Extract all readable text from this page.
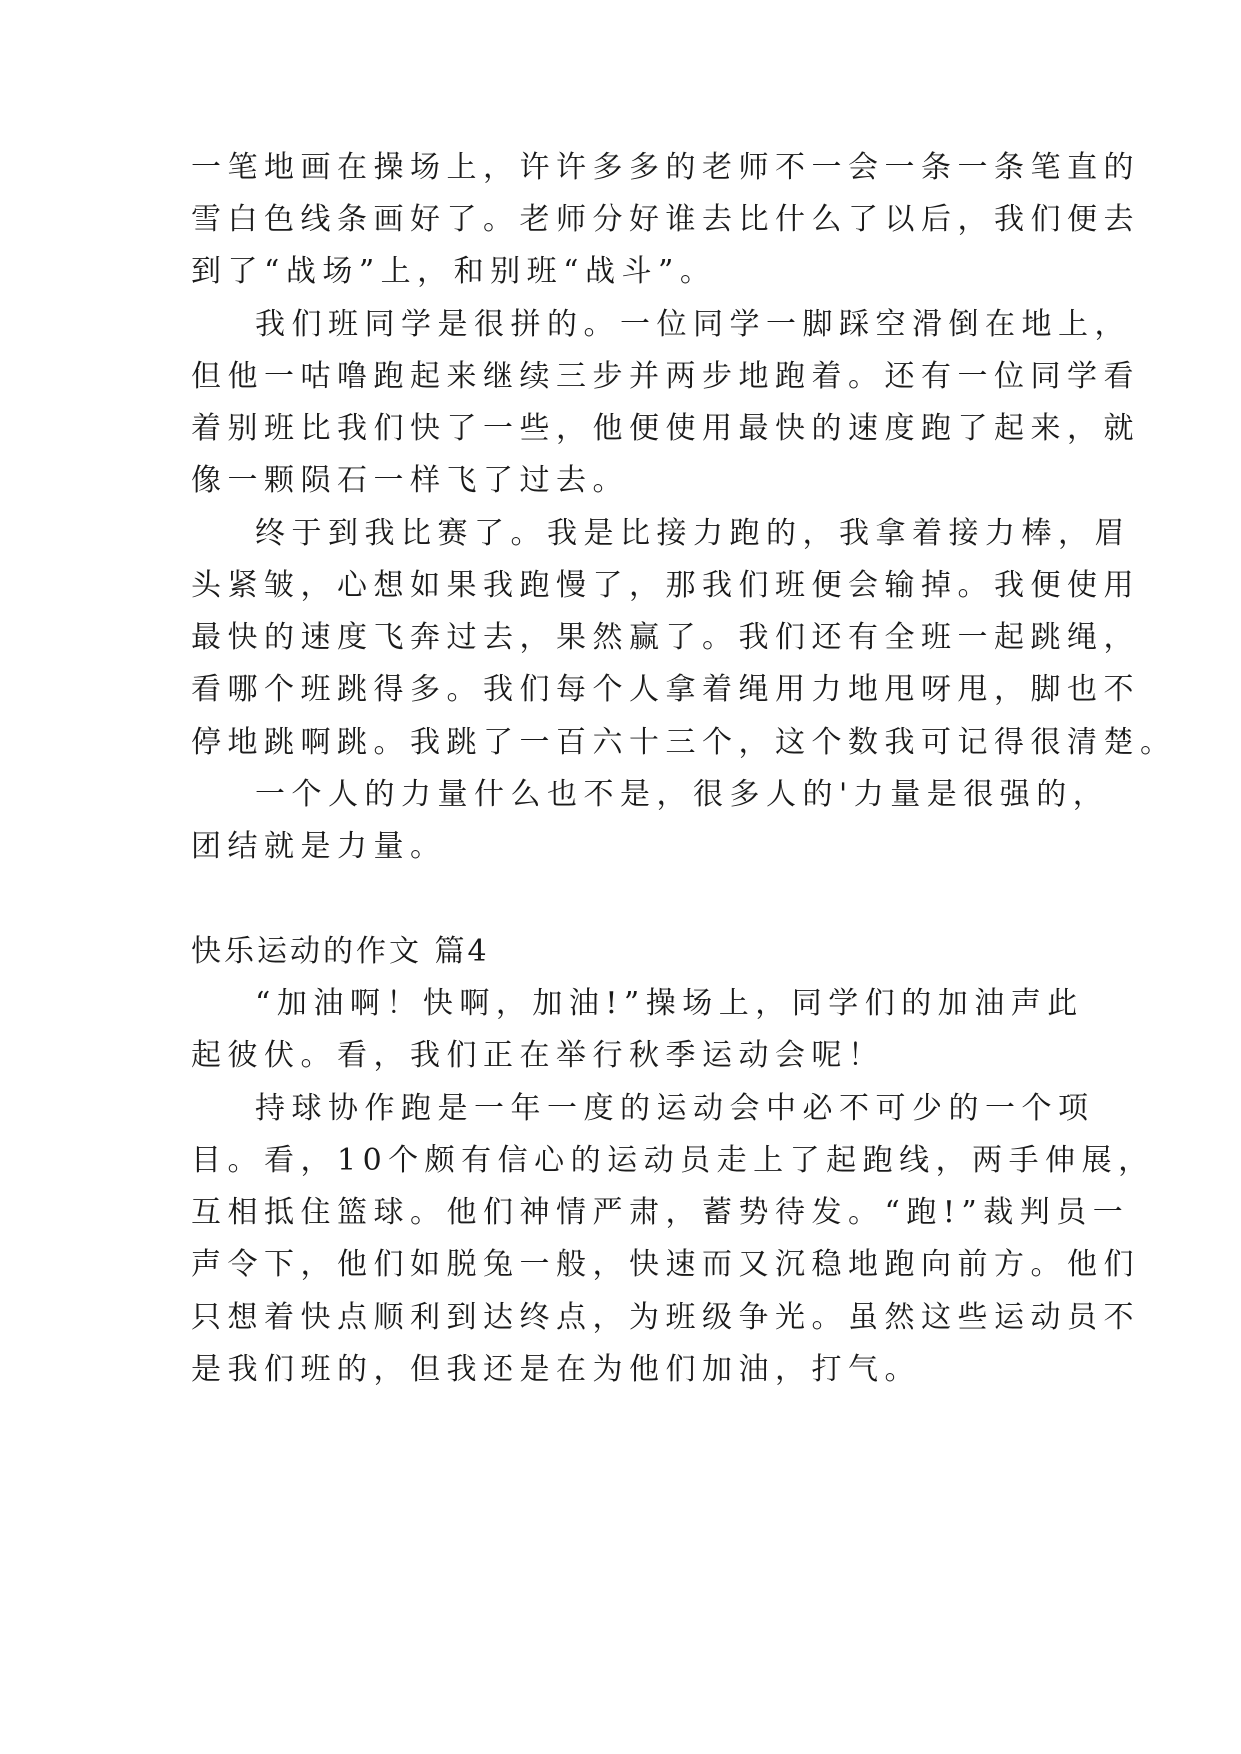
一笔地画在操场上，许许多多的老师不一会一条一条笔直的
雪白色线条画好了。老师分好谁去比什么了以后，我们便去
到了“战场”上，和别班“战斗”。
我们班同学是很拼的。一位同学一脚踩空滑倒在地上，
但他一咕噜跑起来继续三步并两步地跑着。还有一位同学看
着别班比我们快了一些，他便使用最快的速度跑了起来，就
像一颗陨石一样飞了过去。
终于到我比赛了。我是比接力跑的，我拿着接力棒，眉
头紧皱，心想如果我跑慢了，那我们班便会输掉。我便使用
最快的速度飞奔过去，果然赢了。我们还有全班一起跳绳，
看哪个班跳得多。我们每个人拿着绳用力地甩呀甩，脚也不
停地跳啊跳。我跳了一百六十三个，这个数我可记得很清楚。
一个人的力量什么也不是，很多人的'力量是很强的，
团结就是力量。
快乐运动的作文 篇4
“加油啊！快啊，加油!”操场上，同学们的加油声此
起彼伏。看，我们正在举行秋季运动会呢！
持球协作跑是一年一度的运动会中必不可少的一个项
目。看，10个颇有信心的运动员走上了起跑线，两手伸展，
互相抵住篮球。他们神情严肃，蓄势待发。“跑!”裁判员一
声令下，他们如脱兔一般，快速而又沉稳地跑向前方。他们
只想着快点顺利到达终点，为班级争光。虽然这些运动员不
是我们班的，但我还是在为他们加油，打气。
